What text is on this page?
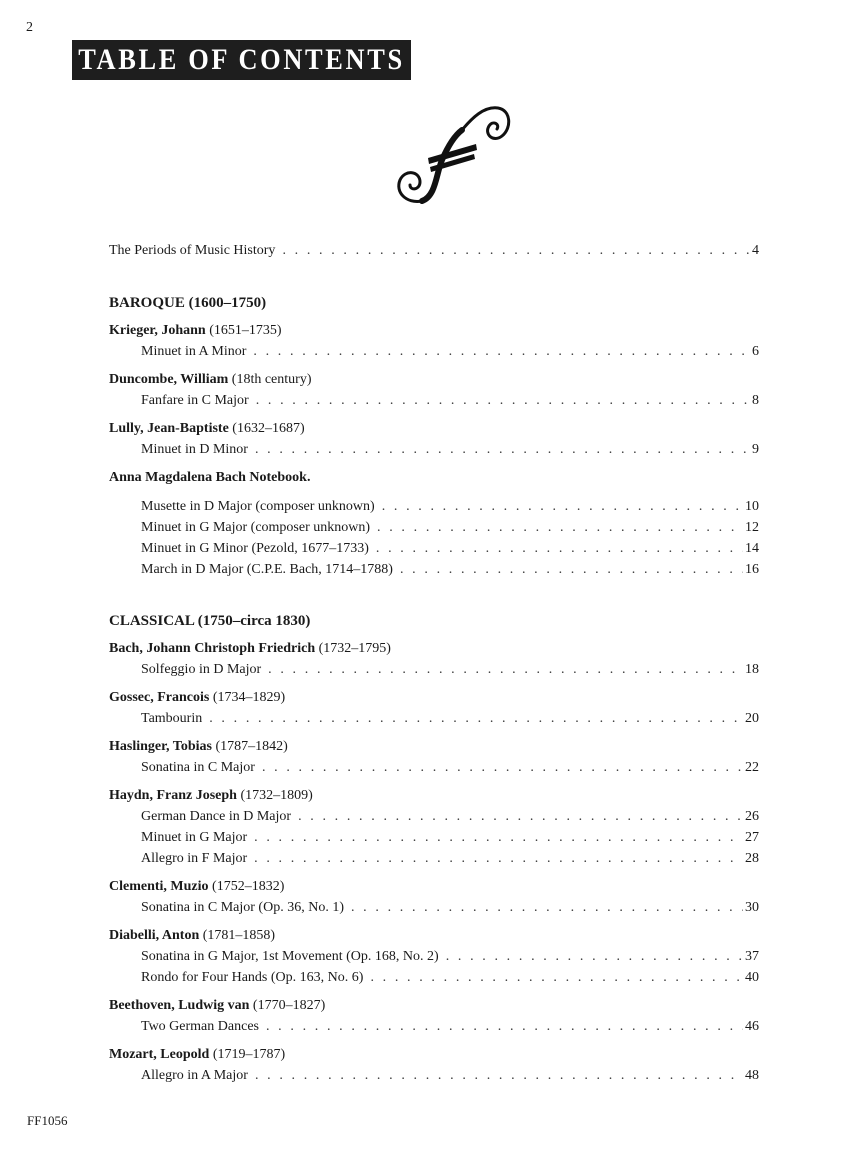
2
TABLE OF CONTENTS
The Periods of Music History . . .	4
BAROQUE (1600–1750)
Krieger, Johann (1651–1735)
Minuet in A Minor . . .	6
Duncombe, William (18th century)
Fanfare in C Major . . .	8
Lully, Jean-Baptiste (1632–1687)
Minuet in D Minor . . .	9
Anna Magdalena Bach Notebook.
Musette in D Major (composer unknown) . . .	10
Minuet in G Major (composer unknown) . . .	12
Minuet in G Minor (Pezold, 1677–1733) . . .	14
March in D Major (C.P.E. Bach, 1714–1788) . . .	16
CLASSICAL (1750–circa 1830)
Bach, Johann Christoph Friedrich (1732–1795)
Solfeggio in D Major . . .	18
Gossec, Francois (1734–1829)
Tambourin . . .	20
Haslinger, Tobias (1787–1842)
Sonatina in C Major . . .	22
Haydn, Franz Joseph (1732–1809)
German Dance in D Major . . .	26
Minuet in G Major . . .	27
Allegro in F Major . . .	28
Clementi, Muzio (1752–1832)
Sonatina in C Major (Op. 36, No. 1) . . .	30
Diabelli, Anton (1781–1858)
Sonatina in G Major, 1st Movement (Op. 168, No. 2) . . .	37
Rondo for Four Hands (Op. 163, No. 6) . . .	40
Beethoven, Ludwig van (1770–1827)
Two German Dances . . .	46
Mozart, Leopold (1719–1787)
Allegro in A Major . . .	48
FF1056
